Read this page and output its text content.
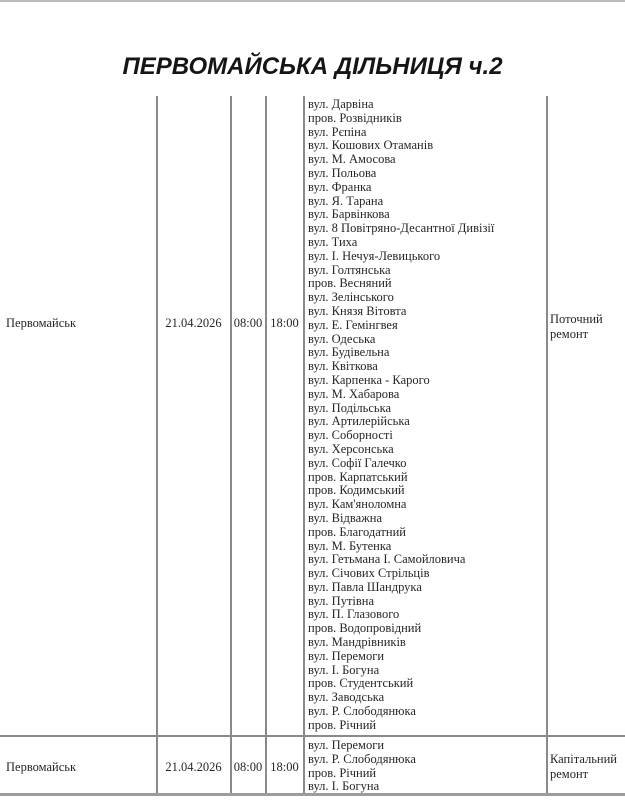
ПЕРВОМАЙСЬКА ДІЛЬНИЦЯ ч.2
Первомайськ	21.04.2026 08:00 18:00
вул. Дарвіна
пров. Розвідників
вул. Рєпіна
вул. Кошових Отаманів
вул. М. Амосова
вул. Польова
вул. Франка
вул. Я. Тарана
вул. Барвінкова
вул. 8 Повітряно-Десантної Дивізії
вул. Тиха
вул. І. Нечуя-Левицького
вул. Голтянська
пров. Весняний
вул. Зелінського
вул. Князя Вітовта
вул. Е. Гемінгвея
вул. Одеська
вул. Будівельна
вул. Квіткова
вул. Карпенка - Карого
вул. М. Хабарова
вул. Подільська
вул. Артилерійська
вул. Соборності
вул. Херсонська
вул. Софії Галечко
пров. Карпатський
пров. Кодимський
вул. Кам'яноломна
вул. Відважна
пров. Благодатний
вул. М. Бутенка
вул. Гетьмана І. Самойловича
вул. Січових Стрільців
вул. Павла Шандрука
вул. Путівна
вул. П. Глазового
пров. Водопровідний
вул. Мандрівників
вул. Перемоги
вул. І. Богуна
пров. Студентський
вул. Заводська
вул. Р. Слободянюка
пров. Річний
Поточний ремонт
Первомайськ	21.04.2026 08:00 18:00
вул. Перемоги
вул. Р. Слободянюка
пров. Річний
вул. І. Богуна
Капітальний ремонт
